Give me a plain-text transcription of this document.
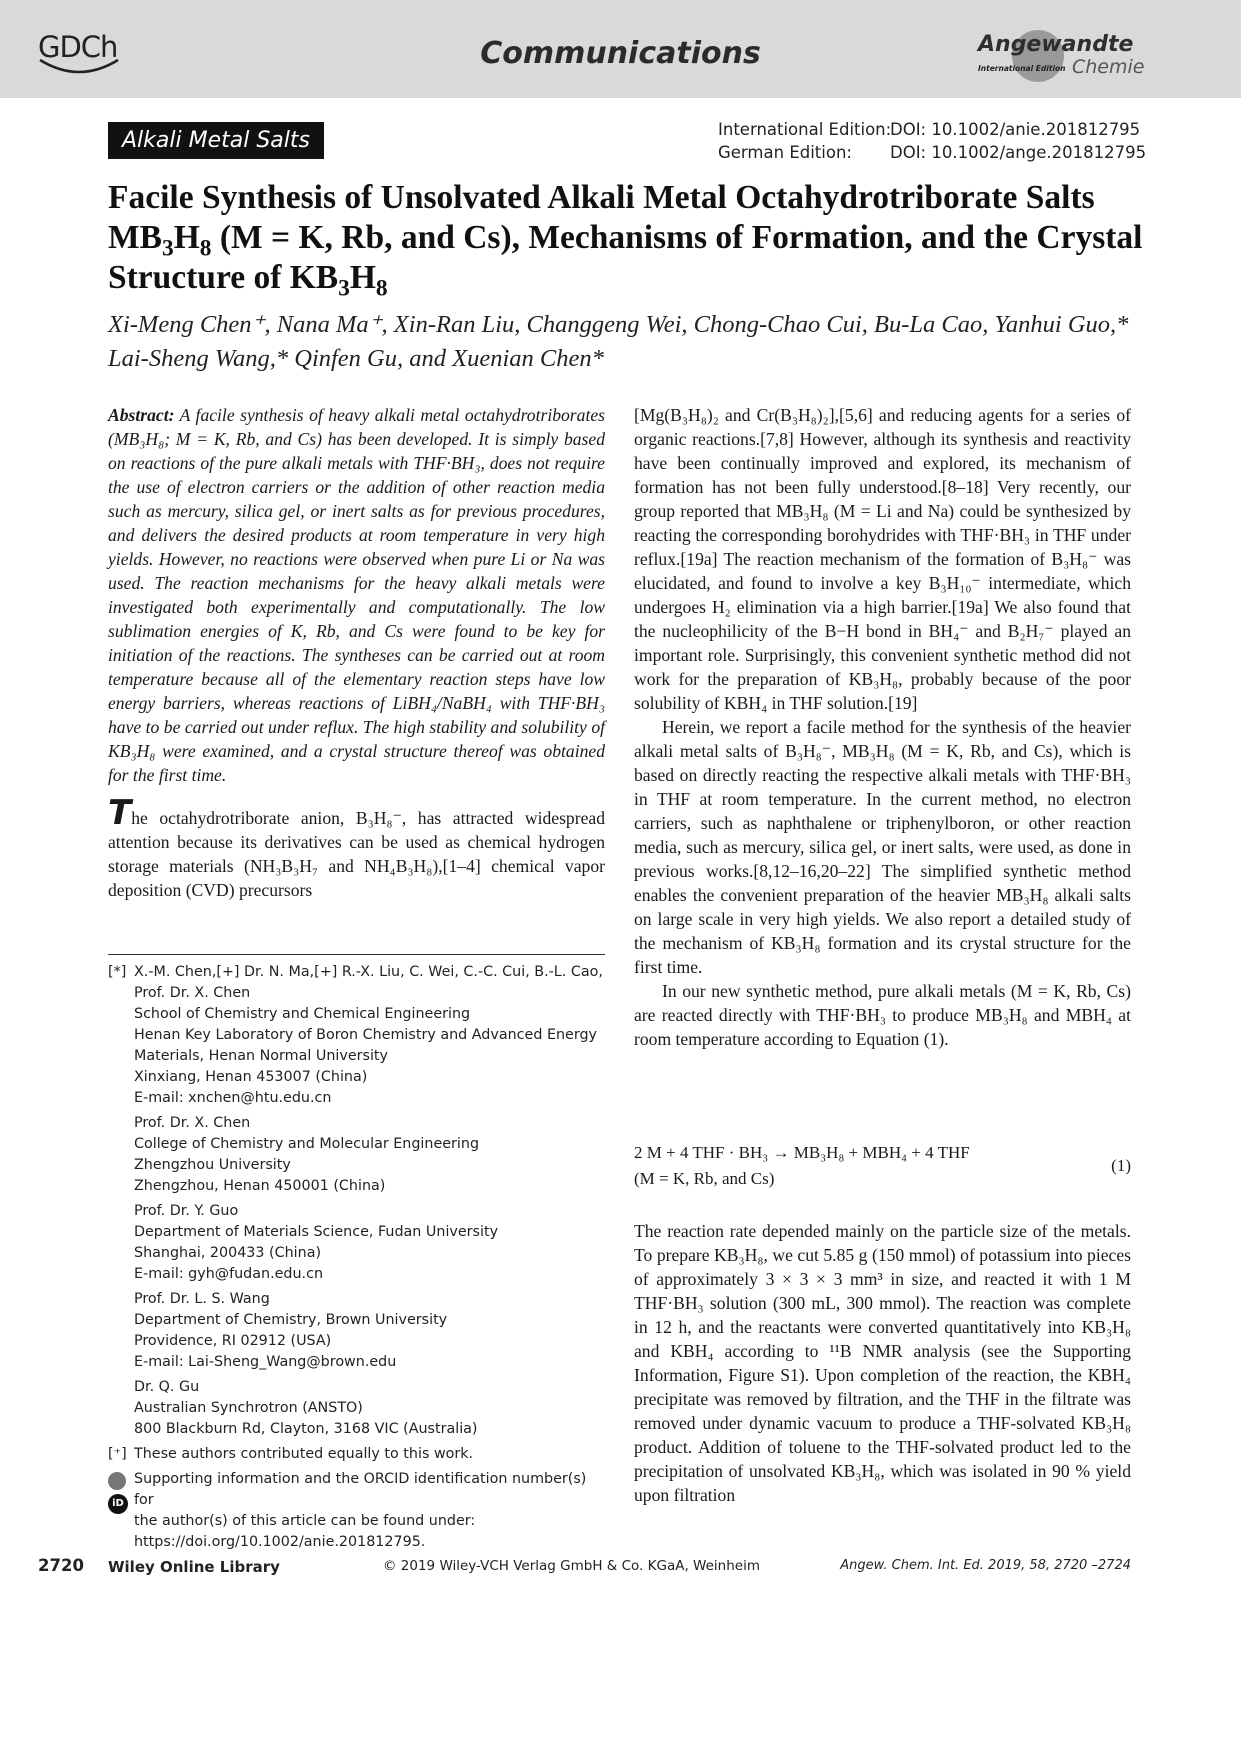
GDCh	Communications	Angewandte
International Edition Chemie
Alkali Metal Salts	International Edition:DOI: 10.1002/anie.201812795
German Edition: DOI: 10.1002/ange.201812795
Facile Synthesis of Unsolvated Alkali Metal Octahydrotriborate Salts
$MB_3H_8$ (M = K, Rb, and Cs), Mechanisms of Formation, and the Crystal
Structure of $KB_3H_8$
Xi-Meng Chen⁺, Nana Ma⁺, Xin-Ran Liu, Changgeng Wei, Chong-Chao Cui, Bu-La Cao, Yanhui Guo,* Lai-Sheng Wang,* Qinfen Gu, and Xuenian Chen*

Abstract: A facile synthesis of heavy alkali metal octahydrotriborates (MB₃H₈; M = K, Rb, and Cs) has been developed. It is simply based on reactions of the pure alkali metals with THF·BH₃, does not require the use of electron carriers or the addition of other reaction media such as mercury, silica gel, or inert salts as for previous procedures, and delivers the desired products at room temperature in very high yields. However, no reactions were observed when pure Li or Na was used. The reaction mechanisms for the heavy alkali metals were investigated both experimentally and computationally. The low sublimation energies of K, Rb, and Cs were found to be key for initiation of the reactions. The syntheses can be carried out at room temperature because all of the elementary reaction steps have low energy barriers, whereas reactions of LiBH₄/NaBH₄ with THF·BH₃ have to be carried out under reflux. The high stability and solubility of KB₃H₈ were examined, and a crystal structure thereof was obtained for the first time.

The octahydrotriborate anion, B₃H₈⁻, has attracted widespread attention because its derivatives can be used as chemical hydrogen storage materials (NH₃B₃H₇ and NH₄B₃H₈),[1–4] chemical vapor deposition (CVD) precursors

[*] X.-M. Chen,[+] Dr. N. Ma,[+] R.-X. Liu, C. Wei, C.-C. Cui, B.-L. Cao,
Prof. Dr. X. Chen
School of Chemistry and Chemical Engineering
Henan Key Laboratory of Boron Chemistry and Advanced Energy
Materials, Henan Normal University
Xinxiang, Henan 453007 (China)
E-mail: xnchen@htu.edu.cn
Prof. Dr. X. Chen
College of Chemistry and Molecular Engineering
Zhengzhou University
Zhengzhou, Henan 450001 (China)
Prof. Dr. Y. Guo
Department of Materials Science, Fudan University
Shanghai, 200433 (China)
E-mail: gyh@fudan.edu.cn
Prof. Dr. L. S. Wang
Department of Chemistry, Brown University
Providence, RI 02912 (USA)
E-mail: Lai-Sheng_Wang@brown.edu
Dr. Q. Gu
Australian Synchrotron (ANSTO)
800 Blackburn Rd, Clayton, 3168 VIC (Australia)
[⁺] These authors contributed equally to this work.
iD
Supporting information and the ORCID identification number(s) for
the author(s) of this article can be found under:
https://doi.org/10.1002/anie.201812795.

[Mg(B₃H₈)₂ and Cr(B₃H₈)₂],[5,6] and reducing agents for a series of organic reactions.[7,8] However, although its synthesis and reactivity have been continually improved and explored, its mechanism of formation has not been fully understood.[8–18] Very recently, our group reported that MB₃H₈ (M = Li and Na) could be synthesized by reacting the corresponding borohydrides with THF·BH₃ in THF under reflux.[19a] The reaction mechanism of the formation of B₃H₈⁻ was elucidated, and found to involve a key B₃H₁₀⁻ intermediate, which undergoes H₂ elimination via a high barrier.[19a] We also found that the nucleophilicity of the B−H bond in BH₄⁻ and B₂H₇⁻ played an important role. Surprisingly, this convenient synthetic method did not work for the preparation of KB₃H₈, probably because of the poor solubility of KBH₄ in THF solution.[19]

Herein, we report a facile method for the synthesis of the heavier alkali metal salts of B₃H₈⁻, MB₃H₈ (M = K, Rb, and Cs), which is based on directly reacting the respective alkali metals with THF·BH₃ in THF at room temperature. In the current method, no electron carriers, such as naphthalene or triphenylboron, or other reaction media, such as mercury, silica gel, or inert salts, were used, as done in previous works.[8,12–16,20–22] The simplified synthetic method enables the convenient preparation of the heavier MB₃H₈ alkali salts on large scale in very high yields. We also report a detailed study of the mechanism of KB₃H₈ formation and its crystal structure for the first time.

In our new synthetic method, pure alkali metals (M = K, Rb, Cs) are reacted directly with THF·BH₃ to produce MB₃H₈ and MBH₄ at room temperature according to Equation (1).

2 M + 4 THF · BH₃ → MB₃H₈ + MBH₄ + 4 THF
(M = K, Rb, and Cs)
(1)

The reaction rate depended mainly on the particle size of the metals. To prepare KB₃H₈, we cut 5.85 g (150 mmol) of potassium into pieces of approximately 3 × 3 × 3 mm³ in size, and reacted it with 1 M THF·BH₃ solution (300 mL, 300 mmol). The reaction was complete in 12 h, and the reactants were converted quantitatively into KB₃H₈ and KBH₄ according to ¹¹B NMR analysis (see the Supporting Information, Figure S1). Upon completion of the reaction, the KBH₄ precipitate was removed by filtration, and the THF in the filtrate was removed under dynamic vacuum to produce a THF-solvated KB₃H₈ product. Addition of toluene to the THF-solvated product led to the precipitation of unsolvated KB₃H₈, which was isolated in 90 % yield upon filtration

2720 Wiley Online Library	© 2019 Wiley-VCH Verlag GmbH & Co. KGaA, Weinheim	Angew. Chem. Int. Ed. 2019, 58, 2720 –2724
